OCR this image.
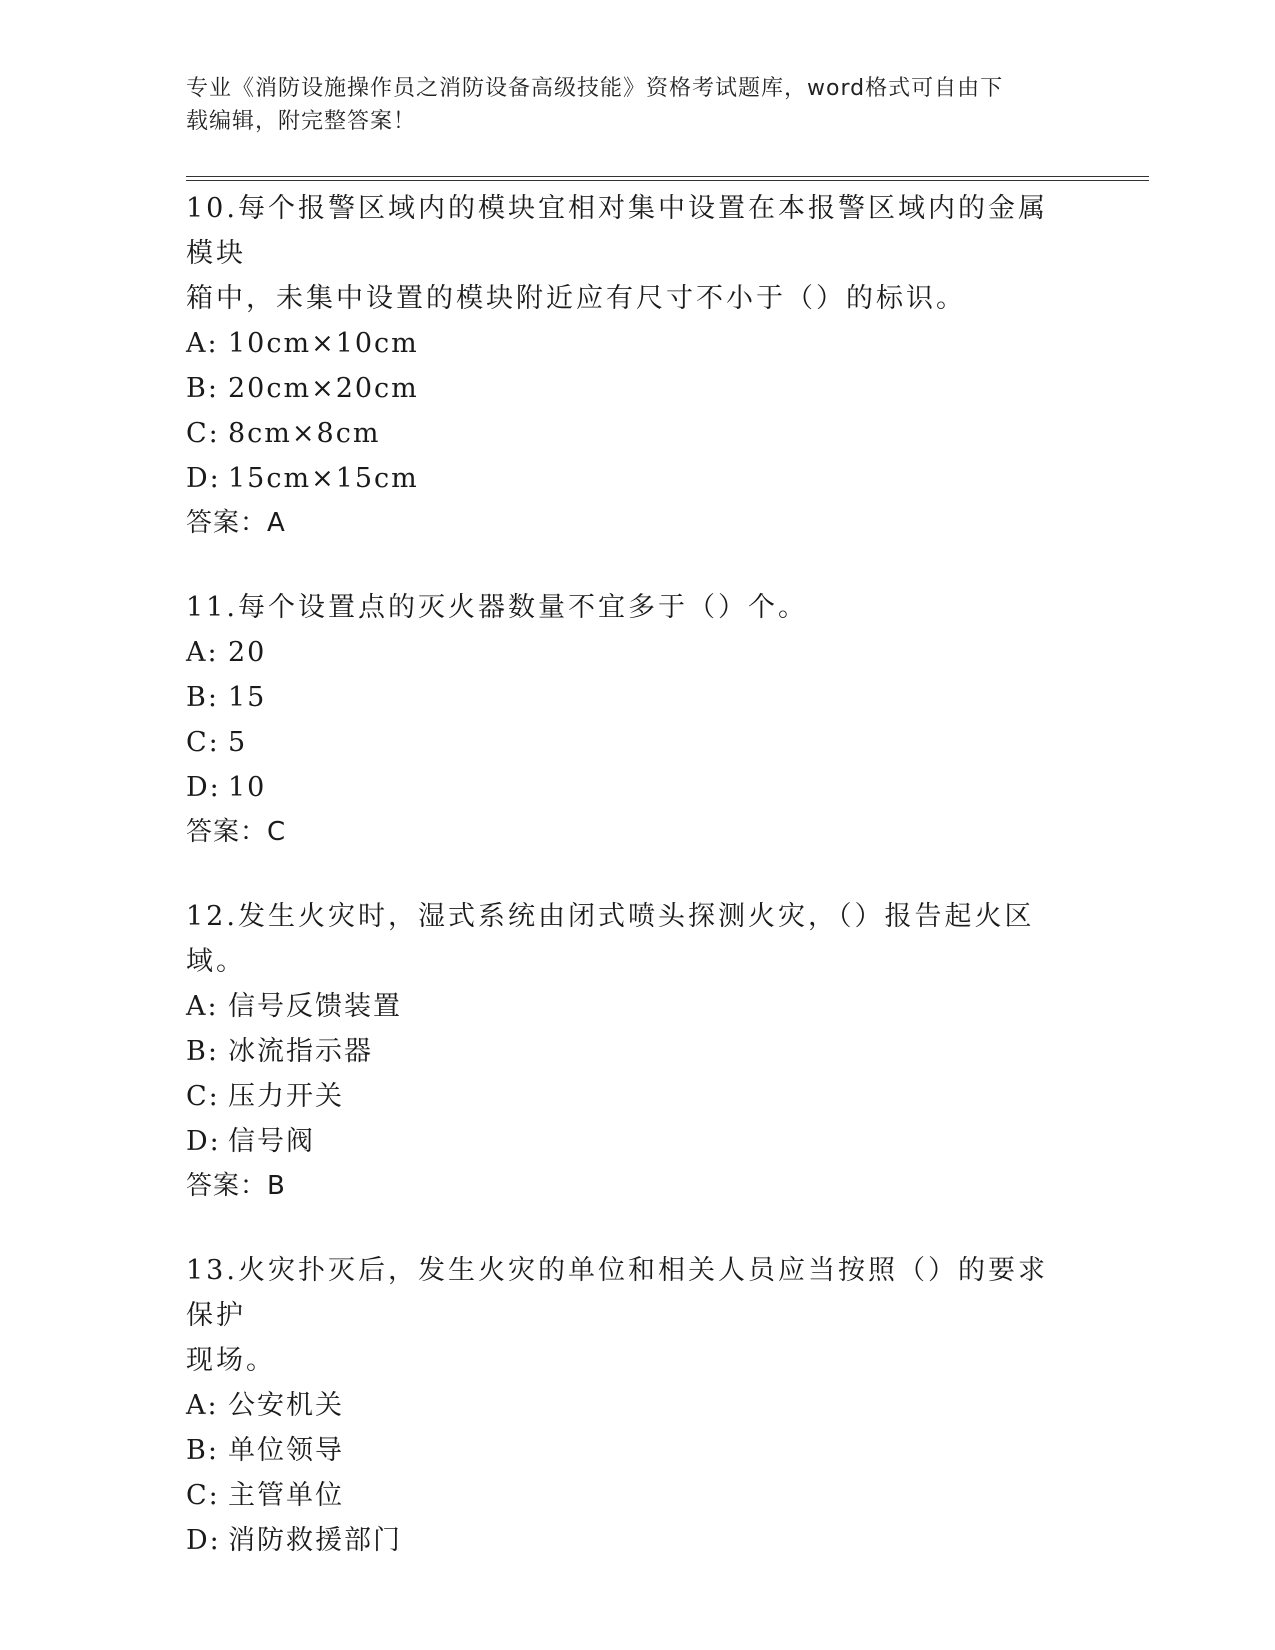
专业《消防设施操作员之消防设备高级技能》资格考试题库，word格式可自由下
载编辑，附完整答案！

10.每个报警区域内的模块宜相对集中设置在本报警区域内的金属模块

箱中，未集中设置的模块附近应有尺寸不小于（）的标识。

A: 10cm×10cm

B: 20cm×20cm

C: 8cm×8cm

D: 15cm×15cm

答案：A

11.每个设置点的灭火器数量不宜多于（）个。

A: 20

B: 15

C: 5

D: 10

答案：C

12.发生火灾时，湿式系统由闭式喷头探测火灾，（）报告起火区域。

A: 信号反馈装置

B: 冰流指示器

C: 压力开关

D: 信号阀

答案：B

13.火灾扑灭后，发生火灾的单位和相关人员应当按照（）的要求保护

现场。

A: 公安机关

B: 单位领导

C: 主管单位

D: 消防救援部门
